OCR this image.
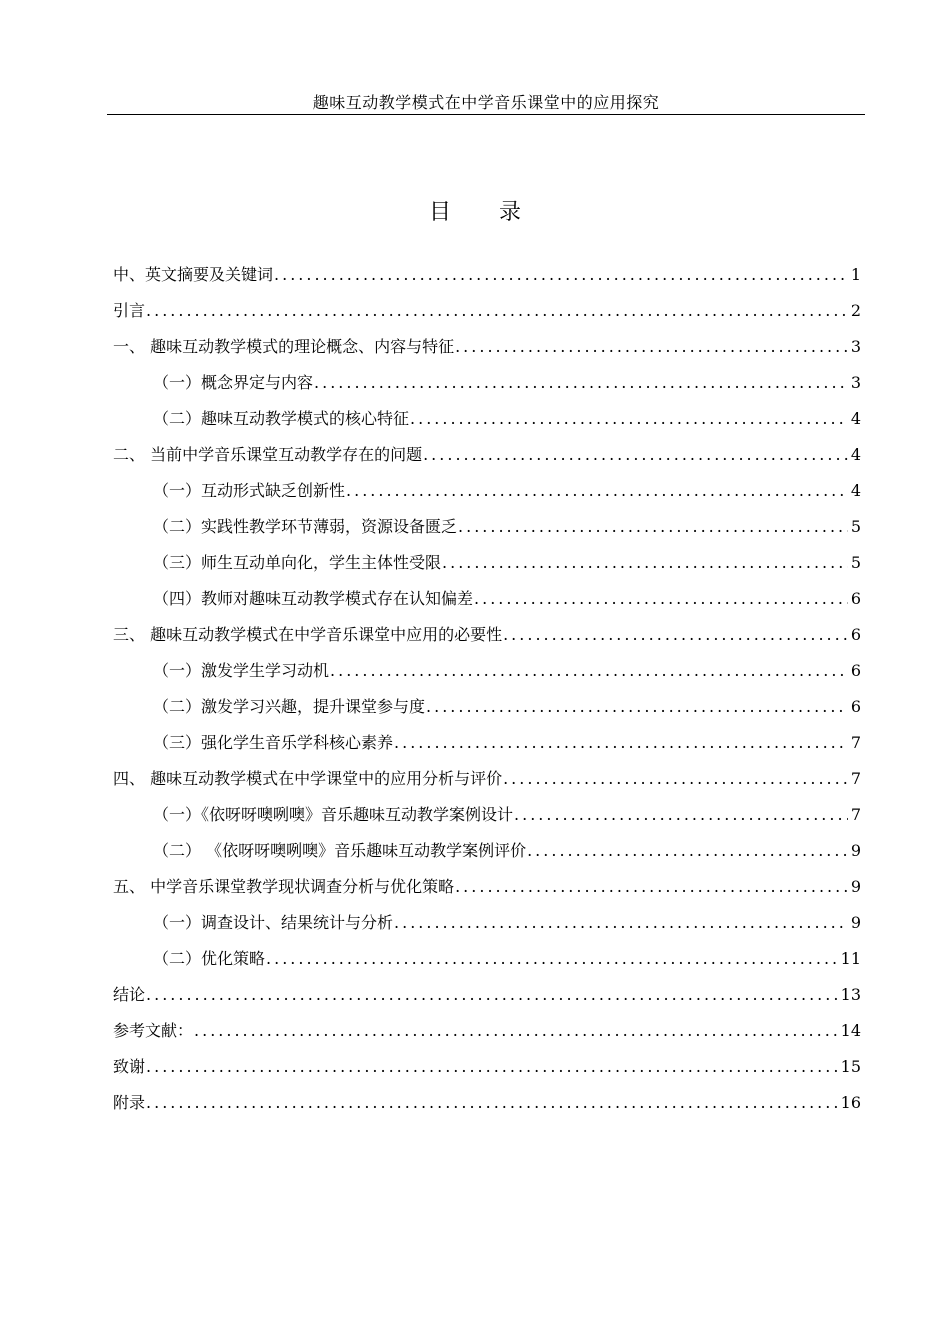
趣味互动教学模式在中学音乐课堂中的应用探究
目 录
中、英文摘要及关键词 .....	1
引言 .....	2
一、 趣味互动教学模式的理论概念、内容与特征 .....	3
（一）概念界定与内容 .....	3
（二）趣味互动教学模式的核心特征 .....	4
二、 当前中学音乐课堂互动教学存在的问题 .....	4
（一）互动形式缺乏创新性 .....	4
（二）实践性教学环节薄弱，资源设备匮乏 .....	5
（三）师生互动单向化，学生主体性受限 .....	5
（四）教师对趣味互动教学模式存在认知偏差 .....	6
三、 趣味互动教学模式在中学音乐课堂中应用的必要性 .....	6
（一）激发学生学习动机 .....	6
（二）激发学习兴趣，提升课堂参与度 .....	6
（三）强化学生音乐学科核心素养 .....	7
四、 趣味互动教学模式在中学课堂中的应用分析与评价 .....	7
（一）《依呀呀噢咧噢》音乐趣味互动教学案例设计 .....	7
（二） 《依呀呀噢咧噢》音乐趣味互动教学案例评价 .....	9
五、 中学音乐课堂教学现状调查分析与优化策略 .....	9
（一）调查设计、结果统计与分析 .....	9
（二）优化策略 .....	11
结论 .....	13
参考文献： .....	14
致谢 .....	15
附录 .....	16
